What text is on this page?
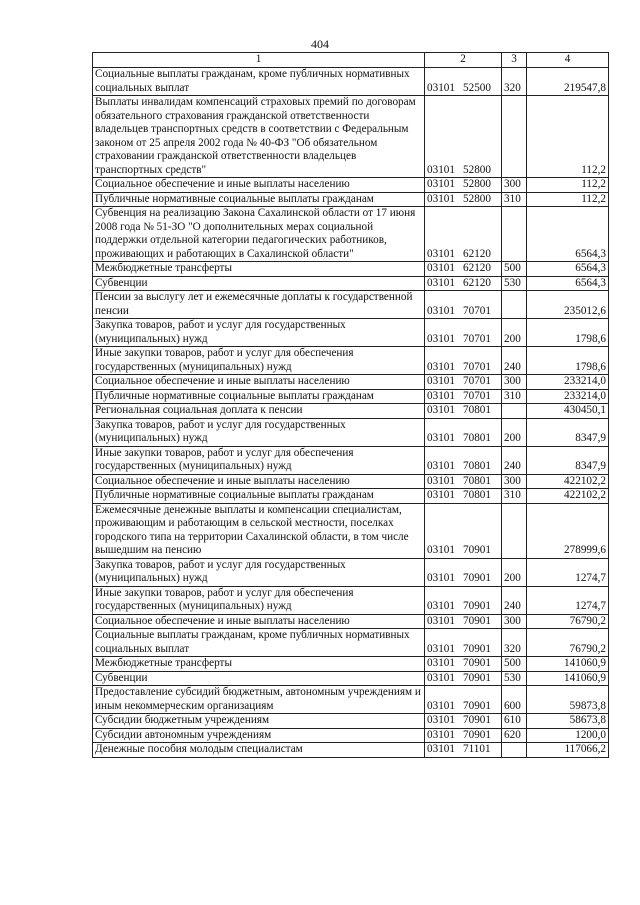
404
1	2	3	4
Социальные выплаты гражданам, кроме публичных нормативных социальных выплат	03101 52500	320	219547,8
Выплаты инвалидам компенсаций страховых премий по договорам обязательного страхования гражданской ответственности владельцев транспортных средств в соответствии с Федеральным законом от 25 апреля 2002 года № 40-ФЗ "Об обязательном страховании гражданской ответственности владельцев транспортных средств"	03101 52800		112,2
Социальное обеспечение и иные выплаты населению	03101 52800	300	112,2
Публичные нормативные социальные выплаты гражданам	03101 52800	310	112,2
Субвенция на реализацию Закона Сахалинской области от 17 июня 2008 года № 51-ЗО "О дополнительных мерах социальной поддержки отдельной категории педагогических работников, проживающих и работающих в Сахалинской области"	03101 62120		6564,3
Межбюджетные трансферты	03101 62120	500	6564,3
Субвенции	03101 62120	530	6564,3
Пенсии за выслугу лет и ежемесячные доплаты к государственной пенсии	03101 70701		235012,6
Закупка товаров, работ и услуг для государственных (муниципальных) нужд	03101 70701	200	1798,6
Иные закупки товаров, работ и услуг для обеспечения государственных (муниципальных) нужд	03101 70701	240	1798,6
Социальное обеспечение и иные выплаты населению	03101 70701	300	233214,0
Публичные нормативные социальные выплаты гражданам	03101 70701	310	233214,0
Региональная социальная доплата к пенсии	03101 70801		430450,1
Закупка товаров, работ и услуг для государственных (муниципальных) нужд	03101 70801	200	8347,9
Иные закупки товаров, работ и услуг для обеспечения государственных (муниципальных) нужд	03101 70801	240	8347,9
Социальное обеспечение и иные выплаты населению	03101 70801	300	422102,2
Публичные нормативные социальные выплаты гражданам	03101 70801	310	422102,2
Ежемесячные денежные выплаты и компенсации специалистам, проживающим и работающим в сельской местности, поселках городского типа на территории Сахалинской области, в том числе вышедшим на пенсию	03101 70901		278999,6
Закупка товаров, работ и услуг для государственных (муниципальных) нужд	03101 70901	200	1274,7
Иные закупки товаров, работ и услуг для обеспечения государственных (муниципальных) нужд	03101 70901	240	1274,7
Социальное обеспечение и иные выплаты населению	03101 70901	300	76790,2
Социальные выплаты гражданам, кроме публичных нормативных социальных выплат	03101 70901	320	76790,2
Межбюджетные трансферты	03101 70901	500	141060,9
Субвенции	03101 70901	530	141060,9
Предоставление субсидий бюджетным, автономным учреждениям и иным некоммерческим организациям	03101 70901	600	59873,8
Субсидии бюджетным учреждениям	03101 70901	610	58673,8
Субсидии автономным учреждениям	03101 70901	620	1200,0
Денежные пособия молодым специалистам	03101 71101		117066,2
